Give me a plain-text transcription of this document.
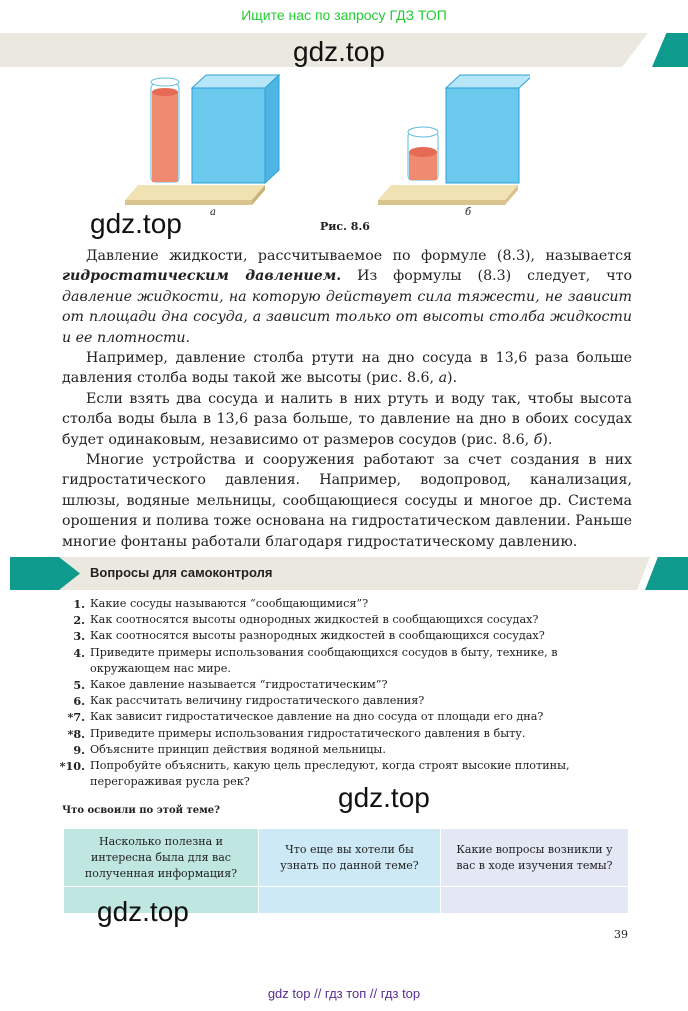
Ищите нас по запросу ГДЗ ТОП
gdz.top
а	б
Рис. 8.6
gdz.top

Давление жидкости, рассчитываемое по формуле (8.3), называется гидростатическим давлением. Из формулы (8.3) следует, что давление жидкости, на которую действует сила тяжести, не зависит от площади дна сосуда, а зависит только от высоты столба жидкости и ее плотности.

Например, давление столба ртути на дно сосуда в 13,6 раза больше давления столба воды такой же высоты (рис. 8.6, а).

Если взять два сосуда и налить в них ртуть и воду так, чтобы высота столба воды была в 13,6 раза больше, то давление на дно в обоих сосудах будет одинаковым, независимо от размеров сосудов (рис. 8.6, б).

Многие устройства и сооружения работают за счет создания в них гидростатического давления. Например, водопровод, канализация, шлюзы, водяные мельницы, сообщающиеся сосуды и многое др. Система орошения и полива тоже основана на гидростатическом давлении. Раньше многие фонтаны работали благодаря гидростатическому давлению.

Вопросы для самоконтроля
1. Какие сосуды называются “сообщающимися”?
2. Как соотносятся высоты однородных жидкостей в сообщающихся сосудах?
3. Как соотносятся высоты разнородных жидкостей в сообщающихся сосудах?
4. Приведите примеры использования сообщающихся сосудов в быту, технике, в окружающем нас мире.
5. Какое давление называется “гидростатическим”?
6. Как рассчитать величину гидростатического давления?
*7. Как зависит гидростатическое давление на дно сосуда от площади его дна?
*8. Приведите примеры использования гидростатического давления в быту.
9. Объясните принцип действия водяной мельницы.
*10. Попробуйте объяснить, какую цель преследуют, когда строят высокие плотины, перегораживая русла рек?
gdz.top
Что освоили по этой теме?
Насколько полезна и интересна была для вас полученная информация?	Что еще вы хотели бы узнать по данной теме?	Какие вопросы возникли у вас в ходе изучения темы?

gdz.top
39
gdz top // гдз топ // гдз top
